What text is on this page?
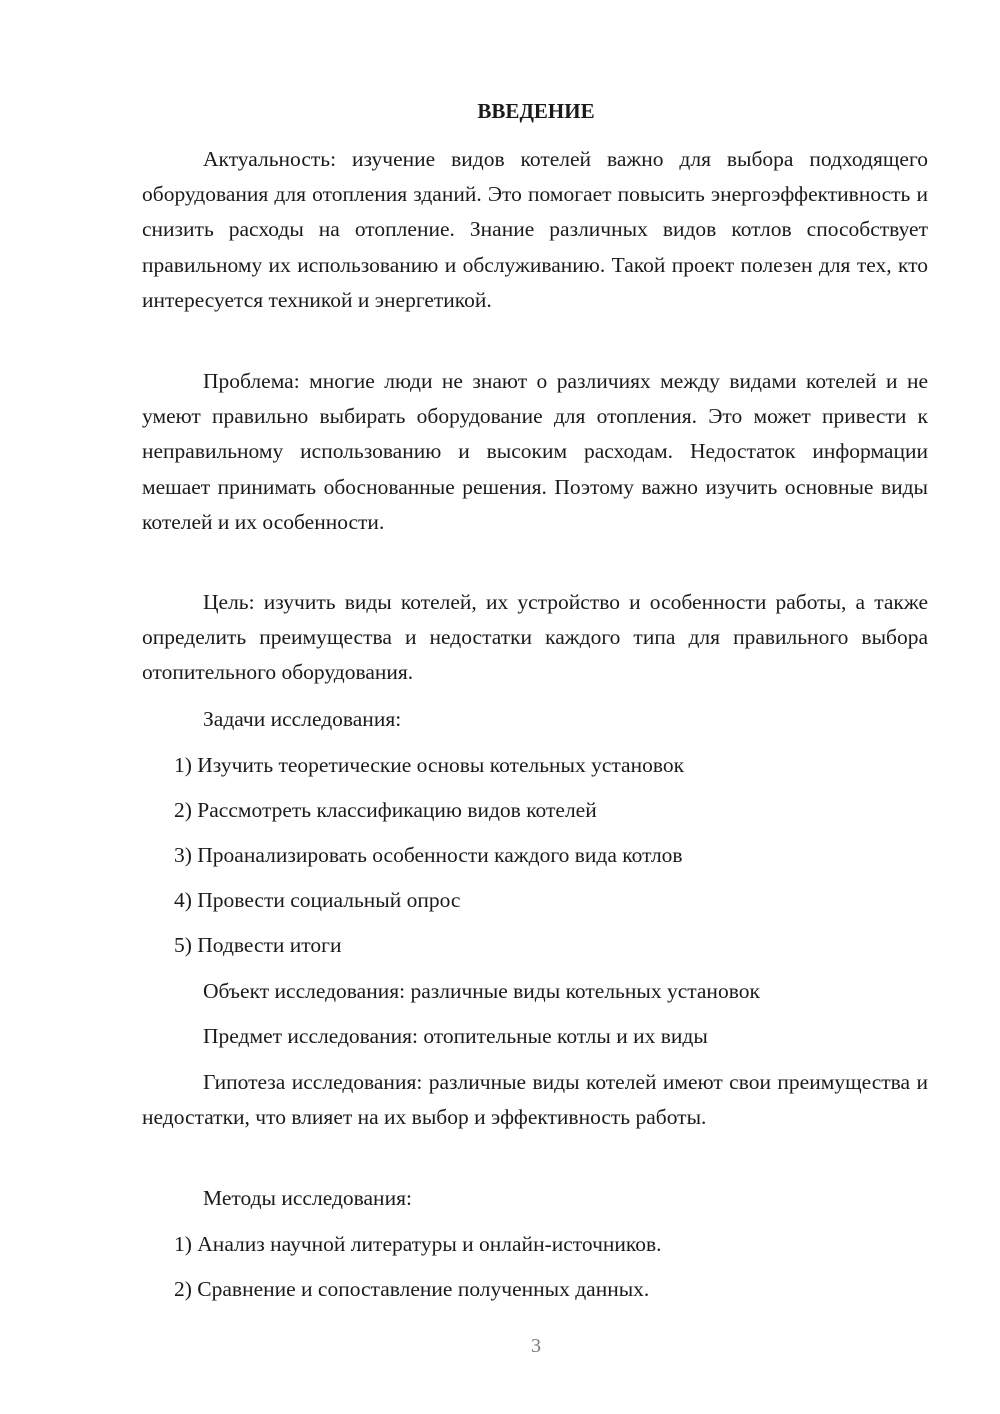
ВВЕДЕНИЕ

Актуальность: изучение видов котелей важно для выбора подходящего оборудования для отопления зданий. Это помогает повысить энергоэффективность и снизить расходы на отопление. Знание различных видов котлов способствует правильному их использованию и обслуживанию. Такой проект полезен для тех, кто интересуется техникой и энергетикой.

Проблема: многие люди не знают о различиях между видами котелей и не умеют правильно выбирать оборудование для отопления. Это может привести к неправильному использованию и высоким расходам. Недостаток информации мешает принимать обоснованные решения. Поэтому важно изучить основные виды котелей и их особенности.

Цель: изучить виды котелей, их устройство и особенности работы, а также определить преимущества и недостатки каждого типа для правильного выбора отопительного оборудования.

Задачи исследования:

1) Изучить теоретические основы котельных установок

2) Рассмотреть классификацию видов котелей

3) Проанализировать особенности каждого вида котлов

4) Провести социальный опрос

5) Подвести итоги

Объект исследования: различные виды котельных установок

Предмет исследования: отопительные котлы и их виды

Гипотеза исследования: различные виды котелей имеют свои преимущества и недостатки, что влияет на их выбор и эффективность работы.

Методы исследования:

1) Анализ научной литературы и онлайн-источников.

2) Сравнение и сопоставление полученных данных.

3
